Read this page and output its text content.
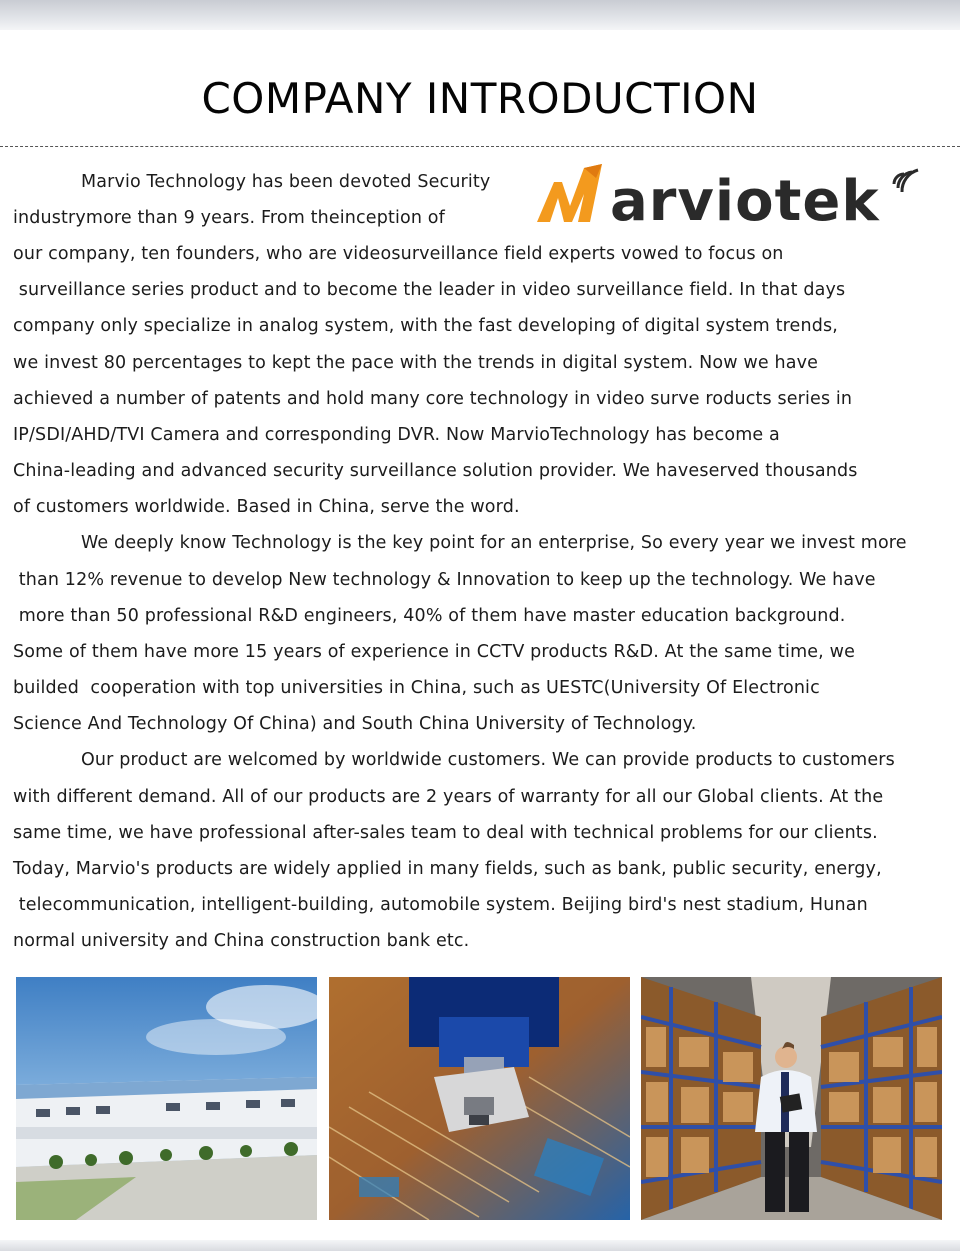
COMPANY INTRODUCTION
arviotek
Marvio Technology has been devoted Security
industrymore than 9 years. From theinception of
our company, ten founders, who are videosurveillance field experts vowed to focus on
surveillance series product and to become the leader in video surveillance field. In that days
company only specialize in analog system, with the fast developing of digital system trends,
we invest 80 percentages to kept the pace with the trends in digital system. Now we have
achieved a number of patents and hold many core technology in video surve roducts series in
IP/SDI/AHD/TVI Camera and corresponding DVR. Now MarvioTechnology has become a
China-leading and advanced security surveillance solution provider. We haveserved thousands
of customers worldwide. Based in China, serve the word.
We deeply know Technology is the key point for an enterprise, So every year we invest more
than 12% revenue to develop New technology & Innovation to keep up the technology. We have
more than 50 professional R&D engineers, 40% of them have master education background.
Some of them have more 15 years of experience in CCTV products R&D. At the same time, we
builded  cooperation with top universities in China, such as UESTC(University Of Electronic
Science And Technology Of China) and South China University of Technology.
Our product are welcomed by worldwide customers. We can provide products to customers
with different demand. All of our products are 2 years of warranty for all our Global clients. At the
same time, we have professional after-sales team to deal with technical problems for our clients.
Today, Marvio's products are widely applied in many fields, such as bank, public security, energy,
telecommunication, intelligent-building, automobile system. Beijing bird's nest stadium, Hunan
normal university and China construction bank etc.
